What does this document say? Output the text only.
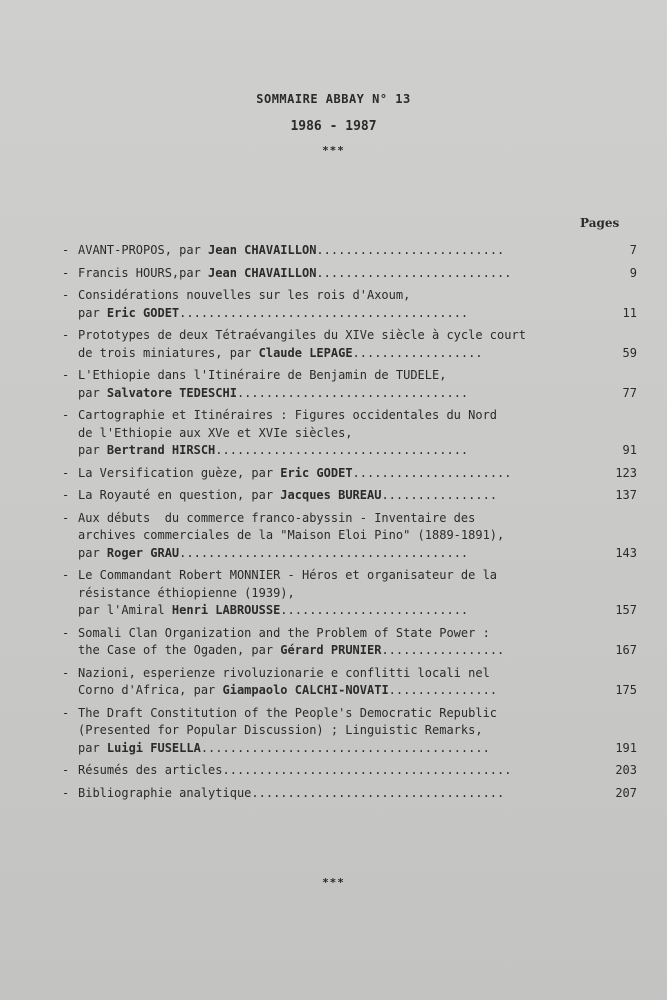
SOMMAIRE ABBAY N° 13
1986 - 1987
***
Pages
- AVANT-PROPOS, par Jean CHAVAILLON..........................	7
- Francis HOURS,par Jean CHAVAILLON...........................	9
- Considérations nouvelles sur les rois d'Axoum,
par Eric GODET........................................	11
- Prototypes de deux Tétraévangiles du XIVe siècle à cycle court
de trois miniatures, par Claude LEPAGE..................	59
- L'Ethiopie dans l'Itinéraire de Benjamin de TUDELE,
par Salvatore TEDESCHI................................	77
- Cartographie et Itinéraires : Figures occidentales du Nord
de l'Ethiopie aux XVe et XVIe siècles,
par Bertrand HIRSCH...................................	91
- La Versification guèze, par Eric GODET......................	123
- La Royauté en question, par Jacques BUREAU................	137
- Aux débuts  du commerce franco-abyssin - Inventaire des
archives commerciales de la "Maison Eloi Pino" (1889-1891),
par Roger GRAU........................................	143
- Le Commandant Robert MONNIER - Héros et organisateur de la
résistance éthiopienne (1939),
par l'Amiral Henri LABROUSSE..........................	157
- Somali Clan Organization and the Problem of State Power :
the Case of the Ogaden, par Gérard PRUNIER.................	167
- Nazioni, esperienze rivoluzionarie e conflitti locali nel
Corno d'Africa, par Giampaolo CALCHI-NOVATI...............	175
- The Draft Constitution of the People's Democratic Republic
(Presented for Popular Discussion) ; Linguistic Remarks,
par Luigi FUSELLA........................................	191
- Résumés des articles........................................	203
- Bibliographie analytique...................................	207
***
